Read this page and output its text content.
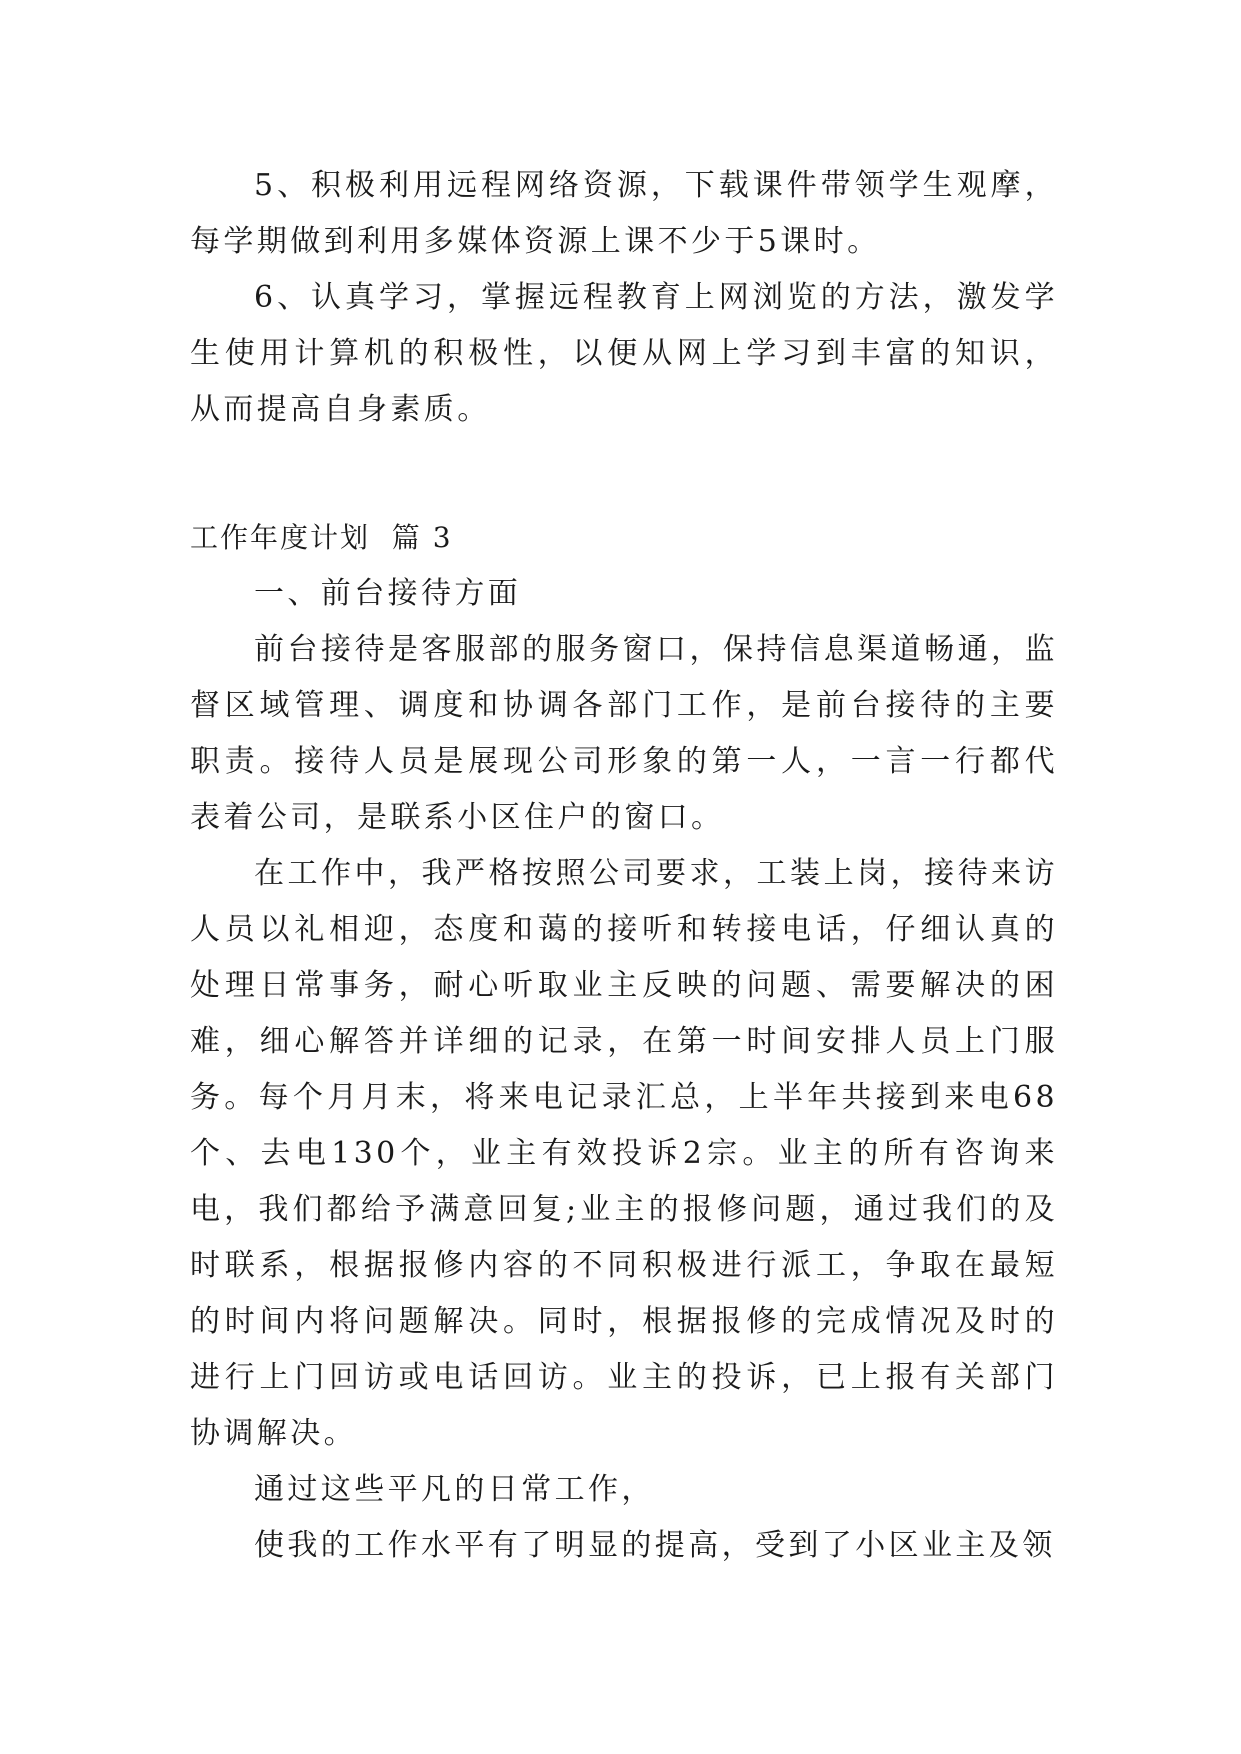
5、积极利用远程网络资源，下载课件带领学生观摩，每学期做到利用多媒体资源上课不少于5课时。

6、认真学习，掌握远程教育上网浏览的方法，激发学生使用计算机的积极性，以便从网上学习到丰富的知识，从而提高自身素质。

工作年度计划  篇 3

一、前台接待方面

前台接待是客服部的服务窗口，保持信息渠道畅通，监督区域管理、调度和协调各部门工作，是前台接待的主要职责。接待人员是展现公司形象的第一人，一言一行都代表着公司，是联系小区住户的窗口。

在工作中，我严格按照公司要求，工装上岗，接待来访人员以礼相迎，态度和蔼的接听和转接电话，仔细认真的处理日常事务，耐心听取业主反映的问题、需要解决的困难，细心解答并详细的记录，在第一时间安排人员上门服务。每个月月末，将来电记录汇总，上半年共接到来电68个、去电130个，业主有效投诉2宗。业主的所有咨询来电，我们都给予满意回复;业主的报修问题，通过我们的及时联系，根据报修内容的不同积极进行派工，争取在最短的时间内将问题解决。同时，根据报修的完成情况及时的进行上门回访或电话回访。业主的投诉，已上报有关部门协调解决。

通过这些平凡的日常工作，

使我的工作水平有了明显的提高，受到了小区业主及领
